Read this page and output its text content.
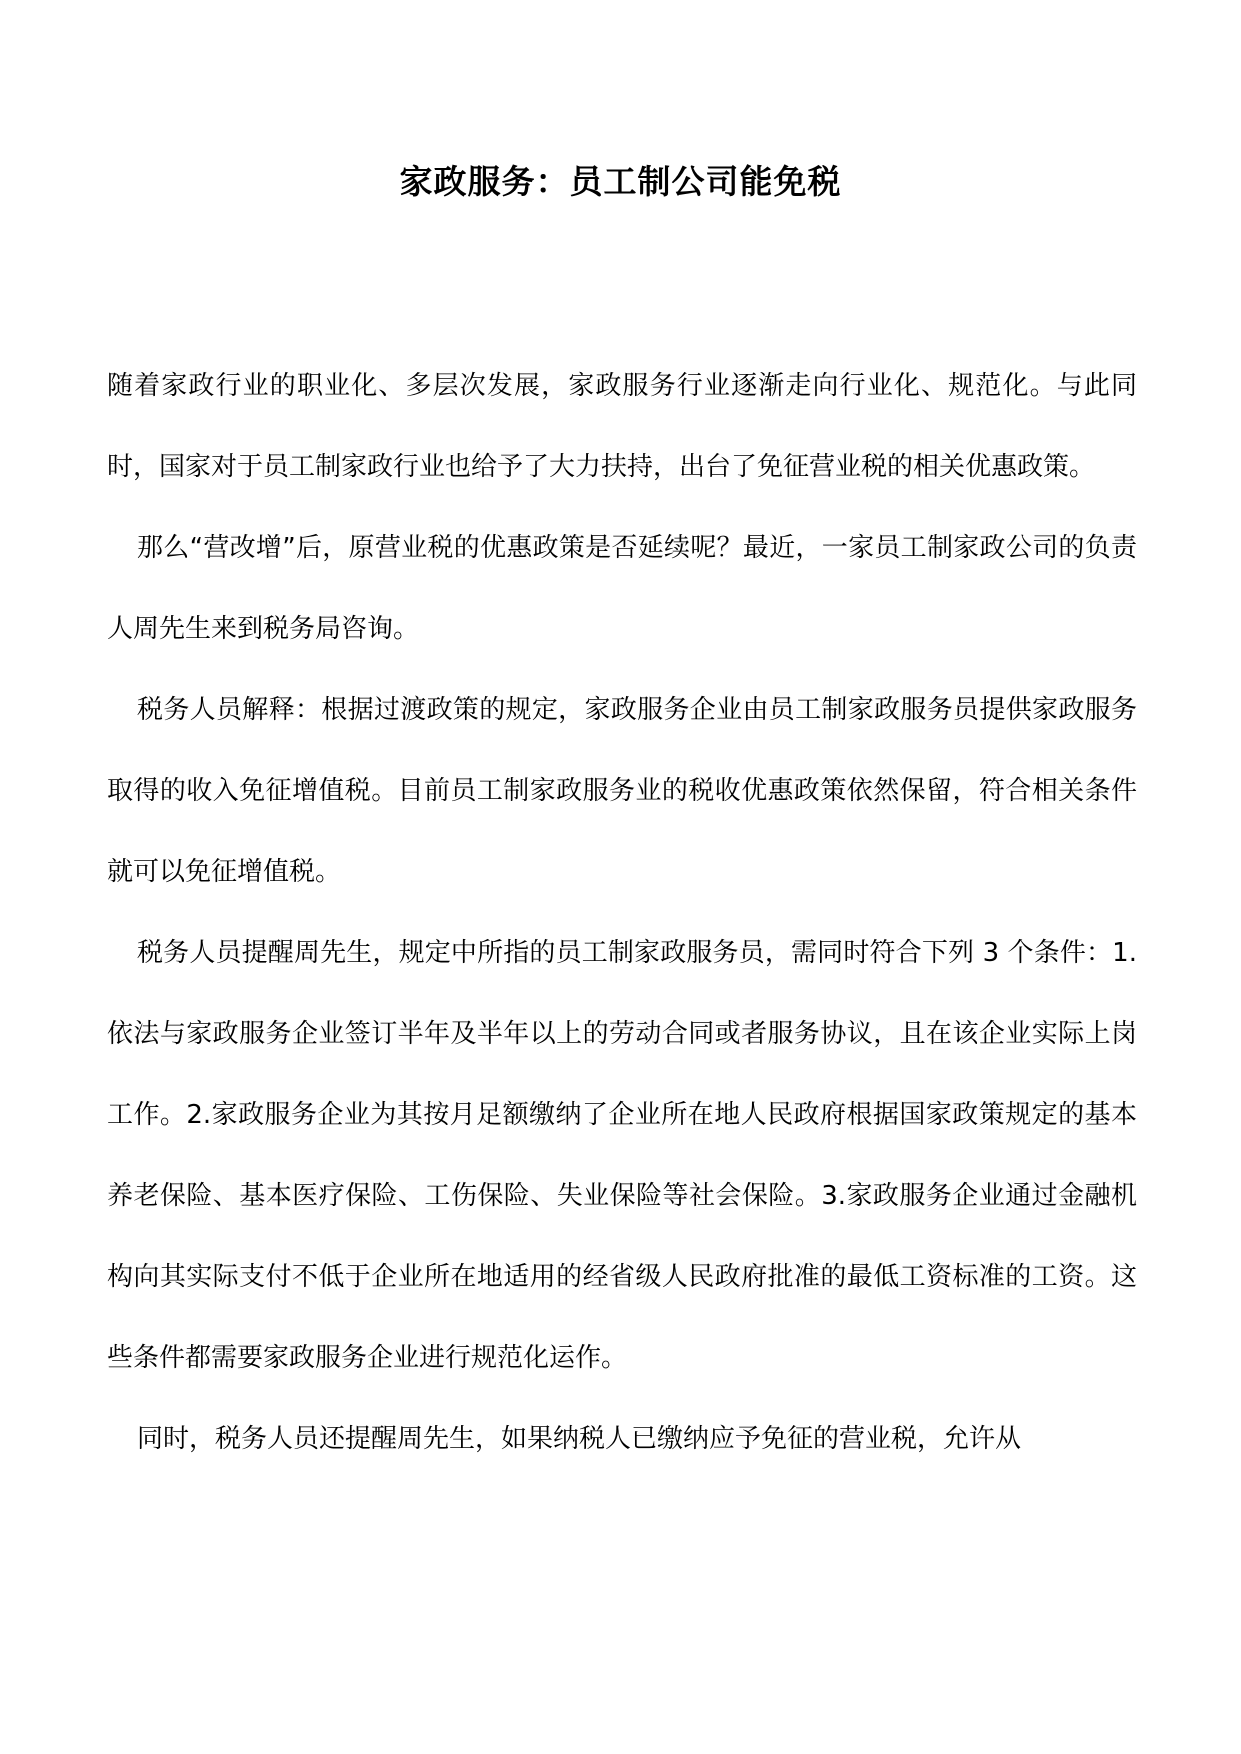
家政服务：员工制公司能免税

随着家政行业的职业化、多层次发展，家政服务行业逐渐走向行业化、规范化。与此同时，国家对于员工制家政行业也给予了大力扶持，出台了免征营业税的相关优惠政策。

那么“营改增”后，原营业税的优惠政策是否延续呢？最近，一家员工制家政公司的负责人周先生来到税务局咨询。

税务人员解释：根据过渡政策的规定，家政服务企业由员工制家政服务员提供家政服务取得的收入免征增值税。目前员工制家政服务业的税收优惠政策依然保留，符合相关条件就可以免征增值税。

税务人员提醒周先生，规定中所指的员工制家政服务员，需同时符合下列 3 个条件：1.依法与家政服务企业签订半年及半年以上的劳动合同或者服务协议，且在该企业实际上岗工作。2.家政服务企业为其按月足额缴纳了企业所在地人民政府根据国家政策规定的基本养老保险、基本医疗保险、工伤保险、失业保险等社会保险。3.家政服务企业通过金融机构向其实际支付不低于企业所在地适用的经省级人民政府批准的最低工资标准的工资。这些条件都需要家政服务企业进行规范化运作。

同时，税务人员还提醒周先生，如果纳税人已缴纳应予免征的营业税，允许从
